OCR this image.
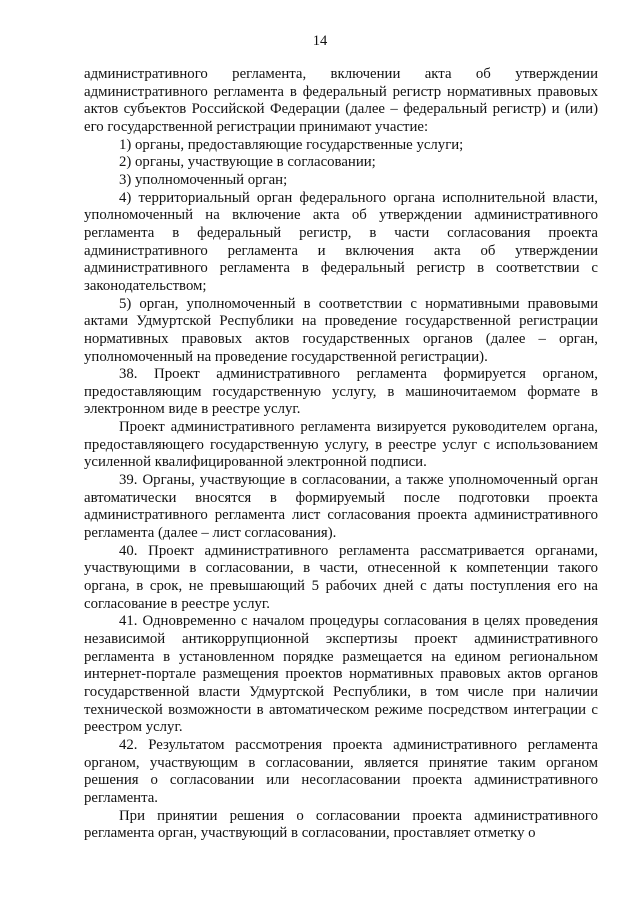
14

административного регламента, включении акта об утверждении административного регламента в федеральный регистр нормативных правовых актов субъектов Российской Федерации (далее – федеральный регистр) и (или) его государственной регистрации принимают участие:

1) органы, предоставляющие государственные услуги;

2) органы, участвующие в согласовании;

3) уполномоченный орган;

4) территориальный орган федерального органа исполнительной власти, уполномоченный на включение акта об утверждении административного регламента в федеральный регистр, в части согласования проекта административного регламента и включения акта об утверждении административного регламента в федеральный регистр в соответствии с законодательством;

5) орган, уполномоченный в соответствии с нормативными правовыми актами Удмуртской Республики на проведение государственной регистрации нормативных правовых актов государственных органов (далее – орган, уполномоченный на проведение государственной регистрации).

38. Проект административного регламента формируется органом, предоставляющим государственную услугу, в машиночитаемом формате в электронном виде в реестре услуг.

Проект административного регламента визируется руководителем органа, предоставляющего государственную услугу, в реестре услуг с использованием усиленной квалифицированной электронной подписи.

39. Органы, участвующие в согласовании, а также уполномоченный орган автоматически вносятся в формируемый после подготовки проекта административного регламента лист согласования проекта административного регламента (далее – лист согласования).

40. Проект административного регламента рассматривается органами, участвующими в согласовании, в части, отнесенной к компетенции такого органа, в срок, не превышающий 5 рабочих дней с даты поступления его на согласование в реестре услуг.

41. Одновременно с началом процедуры согласования в целях проведения независимой антикоррупционной экспертизы проект административного регламента в установленном порядке размещается на едином региональном интернет-портале размещения проектов нормативных правовых актов органов государственной власти Удмуртской Республики, в том числе при наличии технической возможности в автоматическом режиме посредством интеграции с реестром услуг.

42. Результатом рассмотрения проекта административного регламента органом, участвующим в согласовании, является принятие таким органом решения о согласовании или несогласовании проекта административного регламента.

При принятии решения о согласовании проекта административного регламента орган, участвующий в согласовании, проставляет отметку о
